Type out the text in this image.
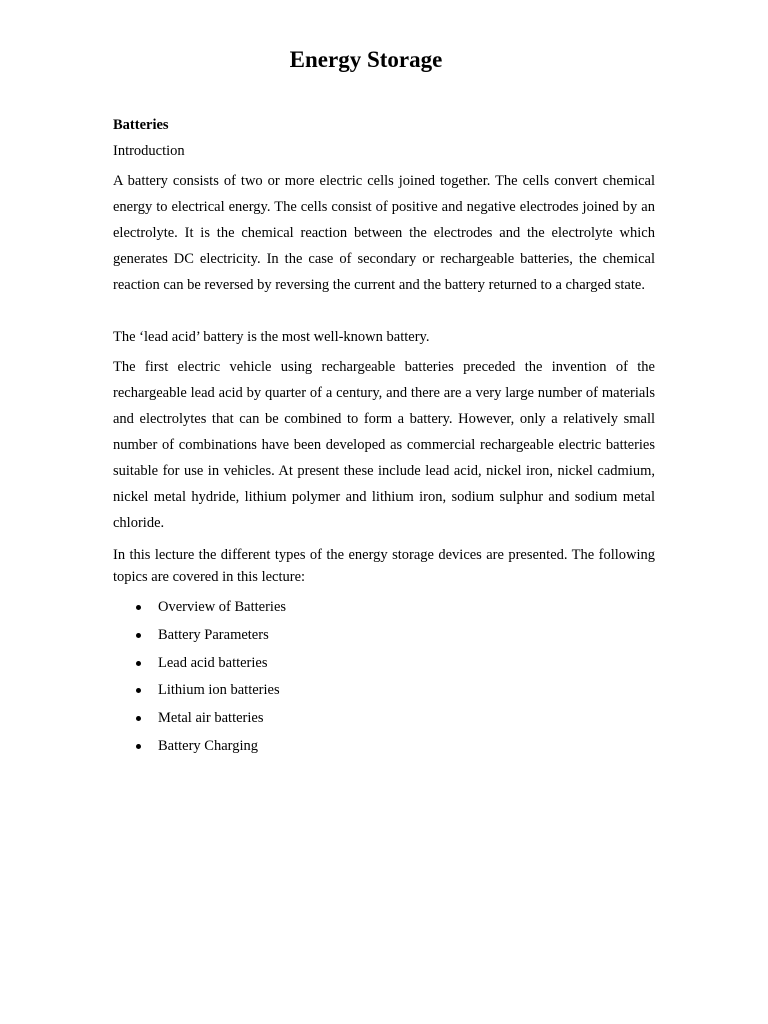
Energy Storage
Batteries
Introduction

A battery consists of two or more electric cells joined together. The cells convert chemical energy to electrical energy. The cells consist of positive and negative electrodes joined by an electrolyte. It is the chemical reaction between the electrodes and the electrolyte which generates DC electricity. In the case of secondary or rechargeable batteries, the chemical reaction can be reversed by reversing the current and the battery returned to a charged state.

The ‘lead acid’ battery is the most well-known battery.

The first electric vehicle using rechargeable batteries preceded the invention of the rechargeable lead acid by quarter of a century, and there are a very large number of materials and electrolytes that can be combined to form a battery. However, only a relatively small number of combinations have been developed as commercial rechargeable electric batteries suitable for use in vehicles. At present these include lead acid, nickel iron, nickel cadmium, nickel metal hydride, lithium polymer and lithium iron, sodium sulphur and sodium metal chloride.

In this lecture the different types of the energy storage devices are presented. The following topics are covered in this lecture:

Overview of Batteries
Battery Parameters
Lead acid batteries
Lithium ion batteries
Metal air batteries
Battery Charging
